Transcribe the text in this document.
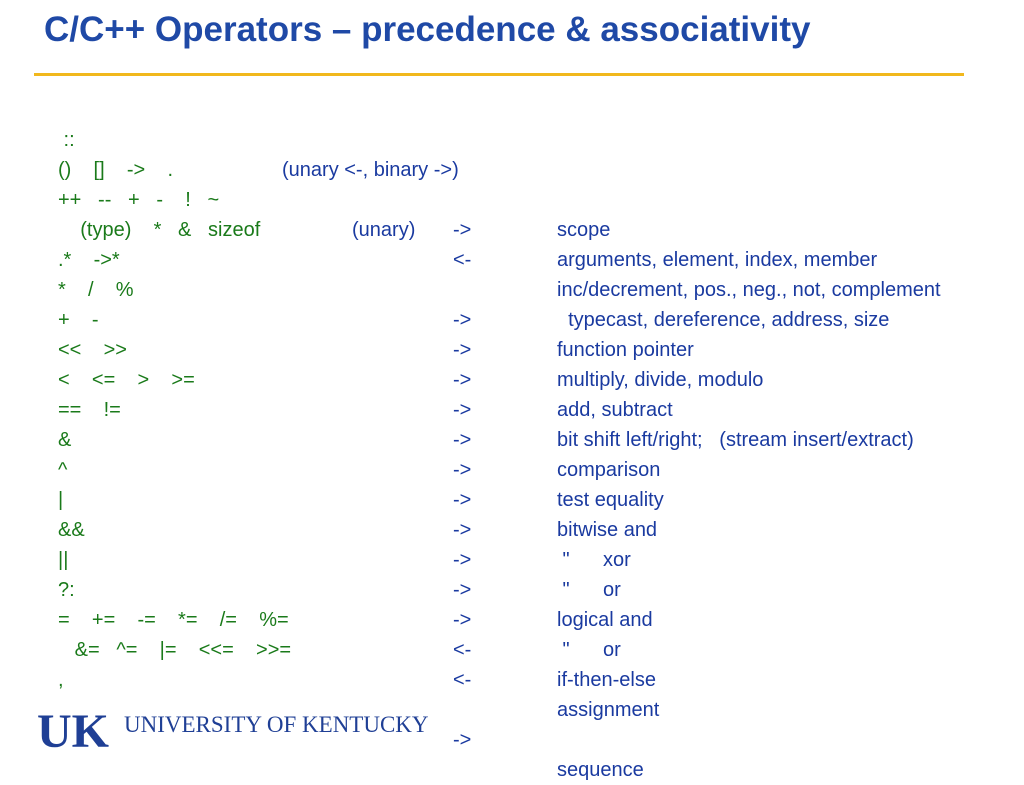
C/C++ Operators – precedence & associativity

::

(unary <-, binary ->)

scope

()    []    ->    .

->

arguments, element, index, member

++   --   +   -    !   ~

(unary)

<-

inc/decrement, pos., neg., not, complement

(type)    *   &   sizeof

typecast, dereference, address, size

.*    ->*

->

function pointer

*    /    %

->

multiply, divide, modulo

+    -

->

add, subtract

<<    >>

->

bit shift left/right;   (stream insert/extract)

<    <=    >    >=

->

comparison

==    !=

->

test equality

&

->

bitwise and

^

->

"      xor

|

->

"      or

&&

->

logical and

||

->

"      or

?:

<-

if-then-else

=    +=    -=    *=    /=    %=

<-

assignment

&=   ^=    |=    <<=    >>=

,

->

sequence

UK UNIVERSITY OF KENTUCKY
